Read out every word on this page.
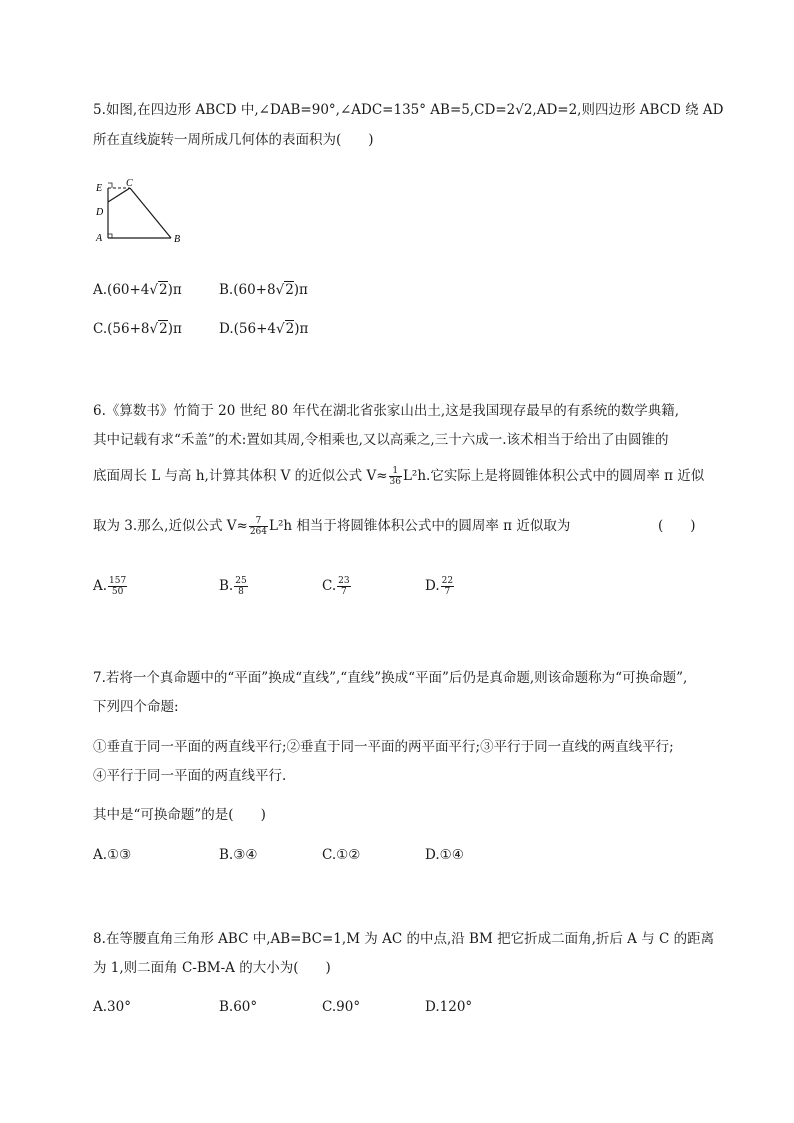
5.如图,在四边形 ABCD 中,∠DAB=90°,∠ADC=135° AB=5,CD=2√2,AD=2,则四边形 ABCD 绕 AD
所在直线旋转一周所成几何体的表面积为(　　)
E C
D
A	B
A.(60+4√2)π	B.(60+8√2)π
C.(56+8√2)π	D.(56+4√2)π
6.《算数书》竹简于 20 世纪 80 年代在湖北省张家山出土,这是我国现存最早的有系统的数学典籍,
其中记载有求“禾盖”的术:置如其周,令相乘也,又以高乘之,三十六成一.该术相当于给出了由圆锥的
底面周长 L 与高 h,计算其体积 V 的近似公式 $V\approx \frac{1}{36} L^2h$.它实际上是将圆锥体积公式中的圆周率 π 近似
取为 3.那么,近似公式 $V\approx \frac{7}{264} L^2h$ 相当于将圆锥体积公式中的圆周率 π 近似取为	(　　)
A. $\frac{157}{50}$	B. $\frac{25}{8}$	C. $\frac{23}{7}$	D. $\frac{22}{7}$
7.若将一个真命题中的“平面”换成“直线”,“直线”换成“平面”后仍是真命题,则该命题称为“可换命题”,
下列四个命题:
①垂直于同一平面的两直线平行;②垂直于同一平面的两平面平行;③平行于同一直线的两直线平行;
④平行于同一平面的两直线平行.
其中是“可换命题”的是(　　)
A.①③	B.③④	C.①②	D.①④
8.在等腰直角三角形 ABC 中,AB=BC=1,M 为 AC 的中点,沿 BM 把它折成二面角,折后 A 与 C 的距离
为 1,则二面角 C-BM-A 的大小为(　　)
A.30°	B.60°	C.90°	D.120°
